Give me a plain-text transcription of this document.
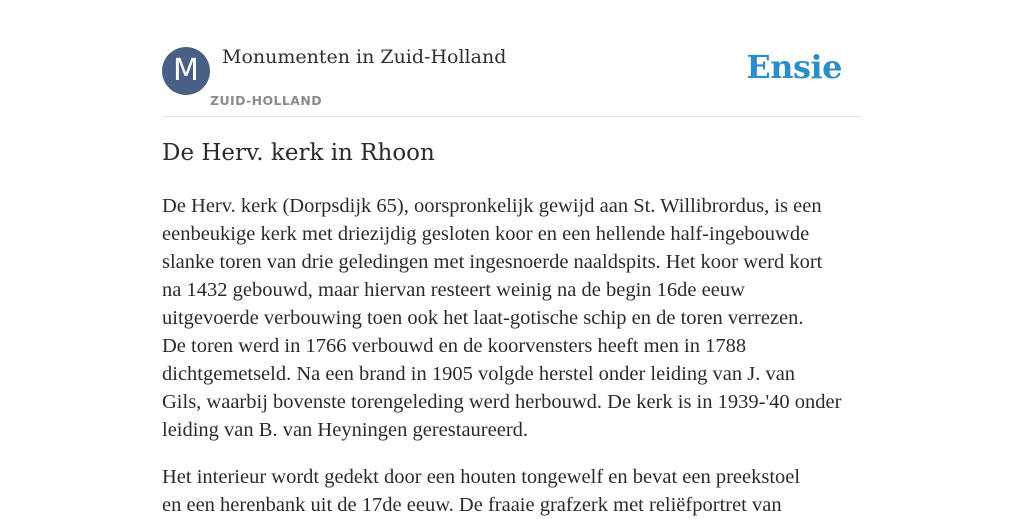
M	Monumenten in Zuid-Holland
ZUID-HOLLAND
Ensie
De Herv. kerk in Rhoon

De Herv. kerk (Dorpsdijk 65), oorspronkelijk gewijd aan St. Willibrordus, is een
eenbeukige kerk met driezijdig gesloten koor en een hellende half-ingebouwde
slanke toren van drie geledingen met ingesnoerde naaldspits. Het koor werd kort
na 1432 gebouwd, maar hiervan resteert weinig na de begin 16de eeuw
uitgevoerde verbouwing toen ook het laat-gotische schip en de toren verrezen.
De toren werd in 1766 verbouwd en de koorvensters heeft men in 1788
dichtgemetseld. Na een brand in 1905 volgde herstel onder leiding van J. van
Gils, waarbij bovenste torengeleding werd herbouwd. De kerk is in 1939-'40 onder
leiding van B. van Heyningen gerestaureerd.

Het interieur wordt gedekt door een houten tongewelf en bevat een preekstoel
en een herenbank uit de 17de eeuw. De fraaie grafzerk met reliëfportret van
